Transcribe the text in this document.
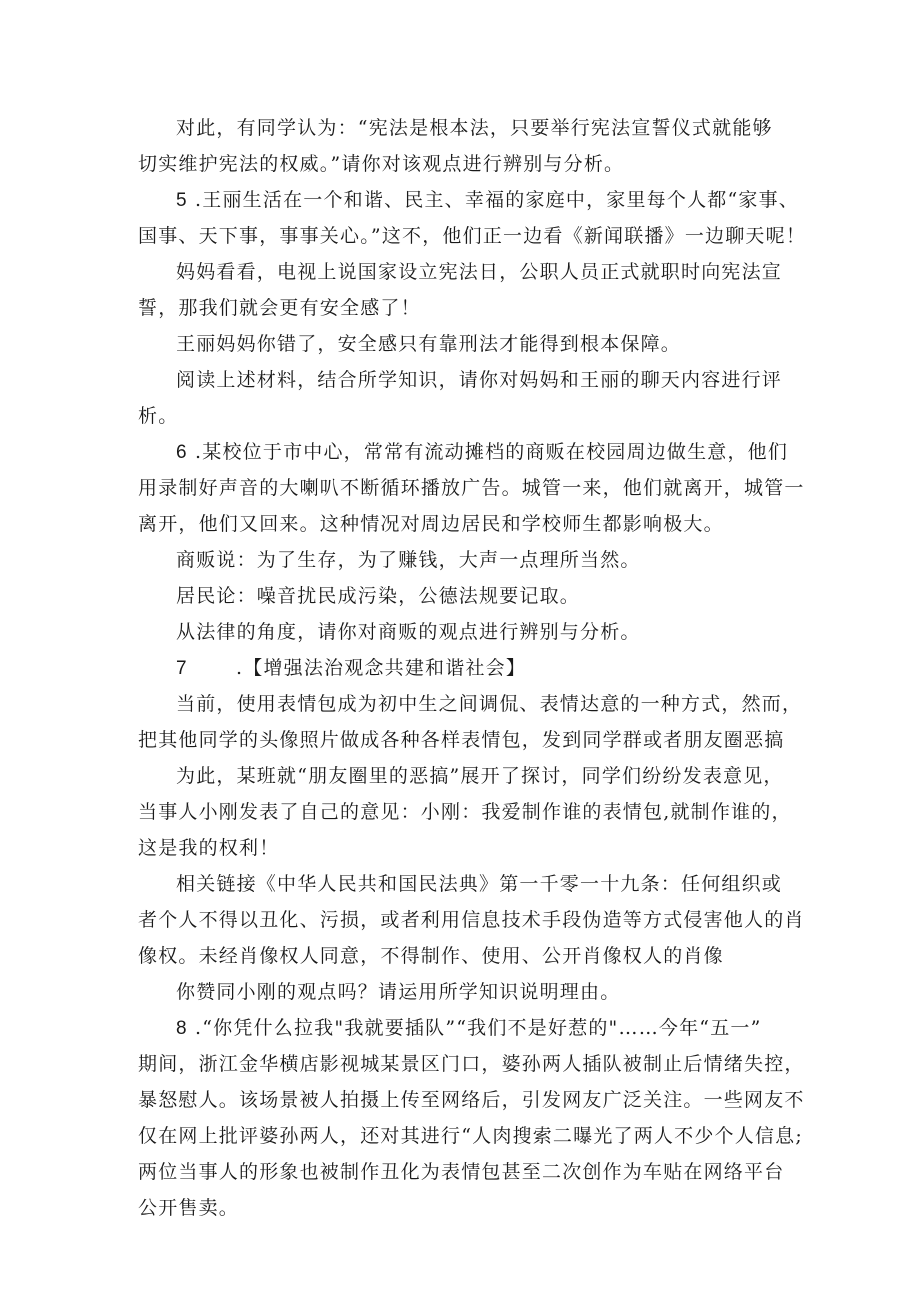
对此，有同学认为：“宪法是根本法，只要举行宪法宣誓仪式就能够
切实维护宪法的权威。”请你对该观点进行辨别与分析。
5 .王丽生活在一个和谐、民主、幸福的家庭中，家里每个人都“家事、
国事、天下事，事事关心。”这不，他们正一边看《新闻联播》一边聊天呢！
妈妈看看，电视上说国家设立宪法日，公职人员正式就职时向宪法宣
誓，那我们就会更有安全感了！
王丽妈妈你错了，安全感只有靠刑法才能得到根本保障。
阅读上述材料，结合所学知识，请你对妈妈和王丽的聊天内容进行评
析。
6 .某校位于市中心，常常有流动摊档的商贩在校园周边做生意，他们
用录制好声音的大喇叭不断循环播放广告。城管一来，他们就离开，城管一
离开，他们又回来。这种情况对周边居民和学校师生都影响极大。
商贩说：为了生存，为了赚钱，大声一点理所当然。
居民论：噪音扰民成污染，公德法规要记取。
从法律的角度，请你对商贩的观点进行辨别与分析。
7	.【增强法治观念共建和谐社会】
当前，使用表情包成为初中生之间调侃、表情达意的一种方式，然而，
把其他同学的头像照片做成各种各样表情包，发到同学群或者朋友圈恶搞
为此，某班就“朋友圈里的恶搞”展开了探讨，同学们纷纷发表意见，
当事人小刚发表了自己的意见：小刚：我爱制作谁的表情包,就制作谁的，
这是我的权利！
相关链接《中华人民共和国民法典》第一千零一十九条：任何组织或
者个人不得以丑化、污损，或者利用信息技术手段伪造等方式侵害他人的肖
像权。未经肖像权人同意，不得制作、使用、公开肖像权人的肖像
你赞同小刚的观点吗？请运用所学知识说明理由。
8 .“你凭什么拉我"我就要插队”“我们不是好惹的"……今年“五一”
期间，浙江金华横店影视城某景区门口，婆孙两人插队被制止后情绪失控，
暴怒慰人。该场景被人拍摄上传至网络后，引发网友广泛关注。一些网友不
仅在网上批评婆孙两人，还对其进行“人肉搜索二曝光了两人不少个人信息;
两位当事人的形象也被制作丑化为表情包甚至二次创作为车贴在网络平台
公开售卖。
